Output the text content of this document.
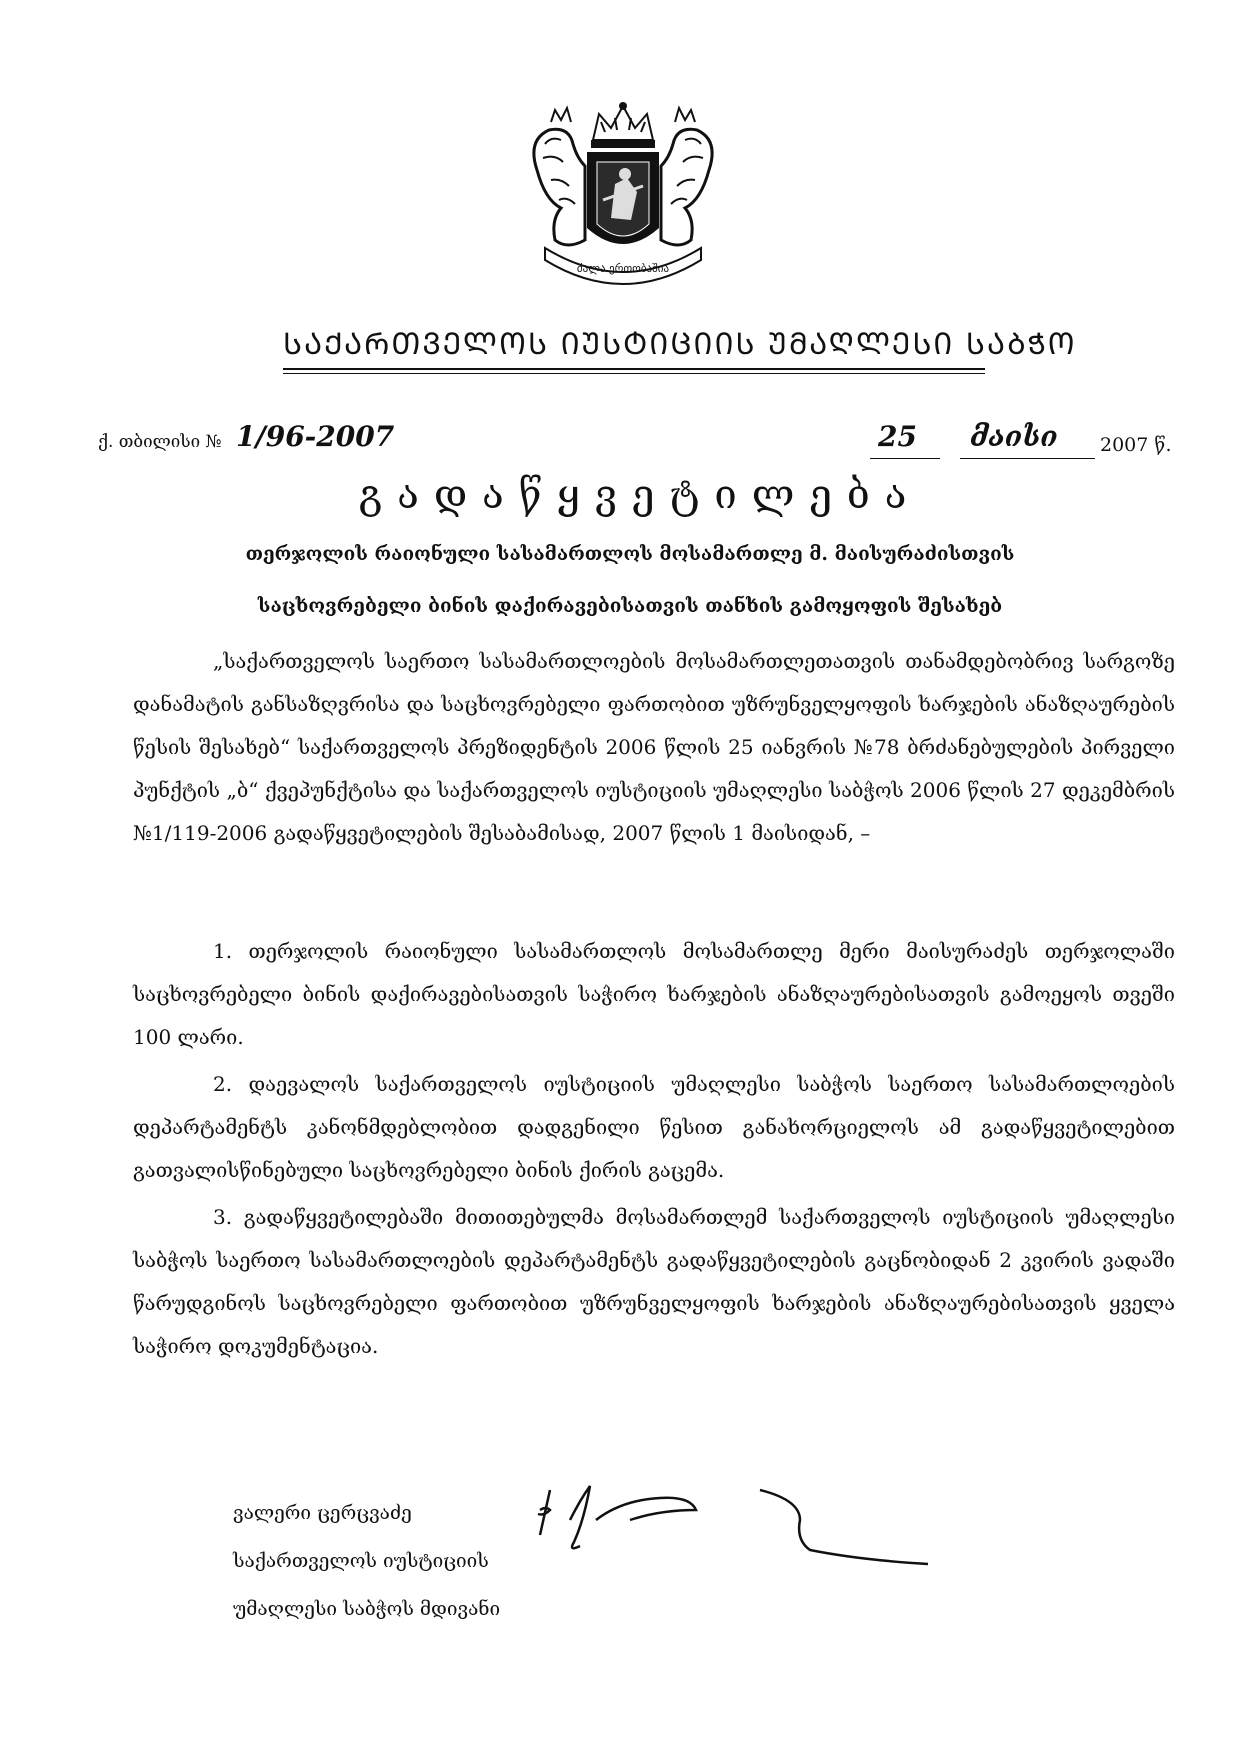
ძალა ერთობაშია
ᲡᲐᲥᲐᲠᲗᲕᲔᲚᲝᲡ ᲘᲣᲡᲢᲘᲪᲘᲘᲡ ᲣᲛᲐᲦᲚᲔᲡᲘ ᲡᲐᲑᲭᲝ
ქ. თბილისი № 1/96-2007	25 მაისი 2007 წ.
გადაწყვეტილება
თერჯოლის რაიონული სასამართლოს მოსამართლე მ. მაისურაძისთვის
საცხოვრებელი ბინის დაქირავებისათვის თანხის გამოყოფის შესახებ
„საქართველოს საერთო სასამართლოების მოსამართლეთათვის თანამდებობრივ სარგოზე დანამატის განსაზღვრისა და საცხოვრებელი ფართობით უზრუნველყოფის ხარჯების ანაზღაურების წესის შესახებ“ საქართველოს პრეზიდენტის 2006 წლის 25 იანვრის №78 ბრძანებულების პირველი პუნქტის „ბ“ ქვეპუნქტისა და საქართველოს იუსტიციის უმაღლესი საბჭოს 2006 წლის 27 დეკემბრის №1/119-2006 გადაწყვეტილების შესაბამისად, 2007 წლის 1 მაისიდან, –
1. თერჯოლის რაიონული სასამართლოს მოსამართლე მერი მაისურაძეს თერჯოლაში საცხოვრებელი ბინის დაქირავებისათვის საჭირო ხარჯების ანაზღაურებისათვის გამოეყოს თვეში 100 ლარი.
2. დაევალოს საქართველოს იუსტიციის უმაღლესი საბჭოს საერთო სასამართლოების დეპარტამენტს კანონმდებლობით დადგენილი წესით განახორციელოს ამ გადაწყვეტილებით გათვალისწინებული საცხოვრებელი ბინის ქირის გაცემა.
3. გადაწყვეტილებაში მითითებულმა მოსამართლემ საქართველოს იუსტიციის უმაღლესი საბჭოს საერთო სასამართლოების დეპარტამენტს გადაწყვეტილების გაცნობიდან 2 კვირის ვადაში წარუდგინოს საცხოვრებელი ფართობით უზრუნველყოფის ხარჯების ანაზღაურებისათვის ყველა საჭირო დოკუმენტაცია.
ვალერი ცერცვაძე
საქართველოს იუსტიციის
უმაღლესი საბჭოს მდივანი
